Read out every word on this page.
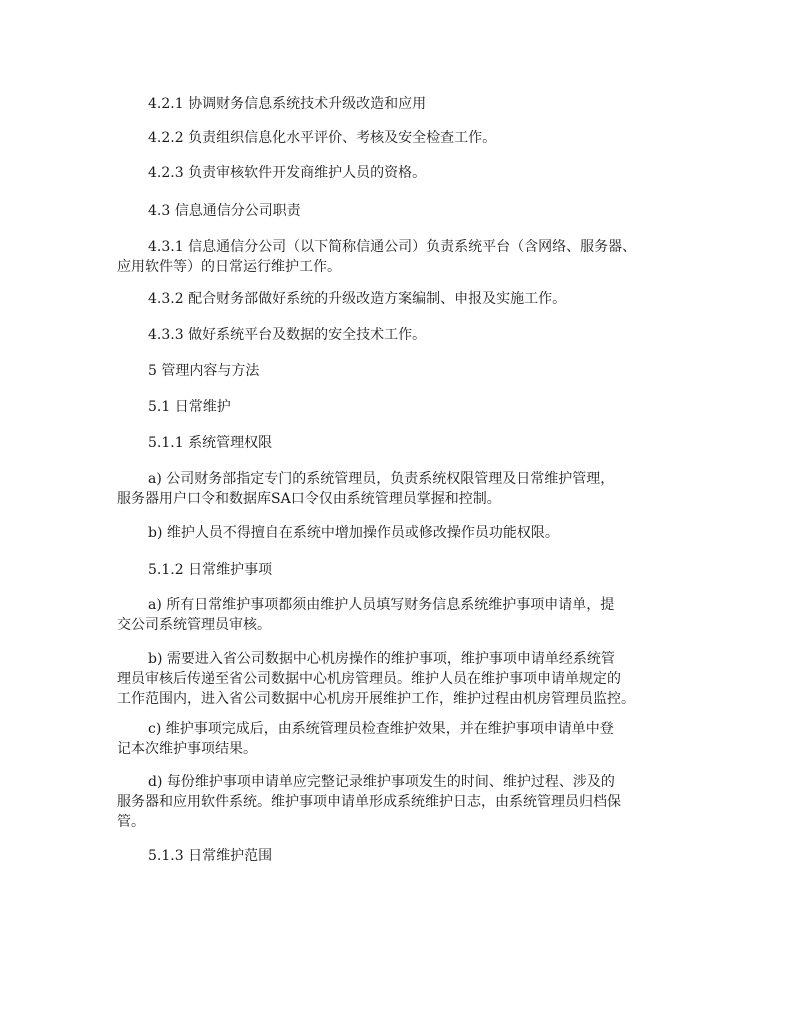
4.2.1 协调财务信息系统技术升级改造和应用

4.2.2 负责组织信息化水平评价、考核及安全检查工作。

4.2.3 负责审核软件开发商维护人员的资格。

4.3 信息通信分公司职责

4.3.1 信息通信分公司（以下简称信通公司）负责系统平台（含网络、服务器、
应用软件等）的日常运行维护工作。

4.3.2 配合财务部做好系统的升级改造方案编制、申报及实施工作。

4.3.3 做好系统平台及数据的安全技术工作。

5 管理内容与方法

5.1 日常维护

5.1.1 系统管理权限

a) 公司财务部指定专门的系统管理员，负责系统权限管理及日常维护管理，
服务器用户口令和数据库SA口令仅由系统管理员掌握和控制。

b) 维护人员不得擅自在系统中增加操作员或修改操作员功能权限。

5.1.2 日常维护事项

a) 所有日常维护事项都须由维护人员填写财务信息系统维护事项申请单，提
交公司系统管理员审核。

b) 需要进入省公司数据中心机房操作的维护事项，维护事项申请单经系统管
理员审核后传递至省公司数据中心机房管理员。维护人员在维护事项申请单规定的
工作范围内，进入省公司数据中心机房开展维护工作，维护过程由机房管理员监控。

c) 维护事项完成后，由系统管理员检查维护效果，并在维护事项申请单中登
记本次维护事项结果。

d) 每份维护事项申请单应完整记录维护事项发生的时间、维护过程、涉及的
服务器和应用软件系统。维护事项申请单形成系统维护日志，由系统管理员归档保
管。

5.1.3 日常维护范围
